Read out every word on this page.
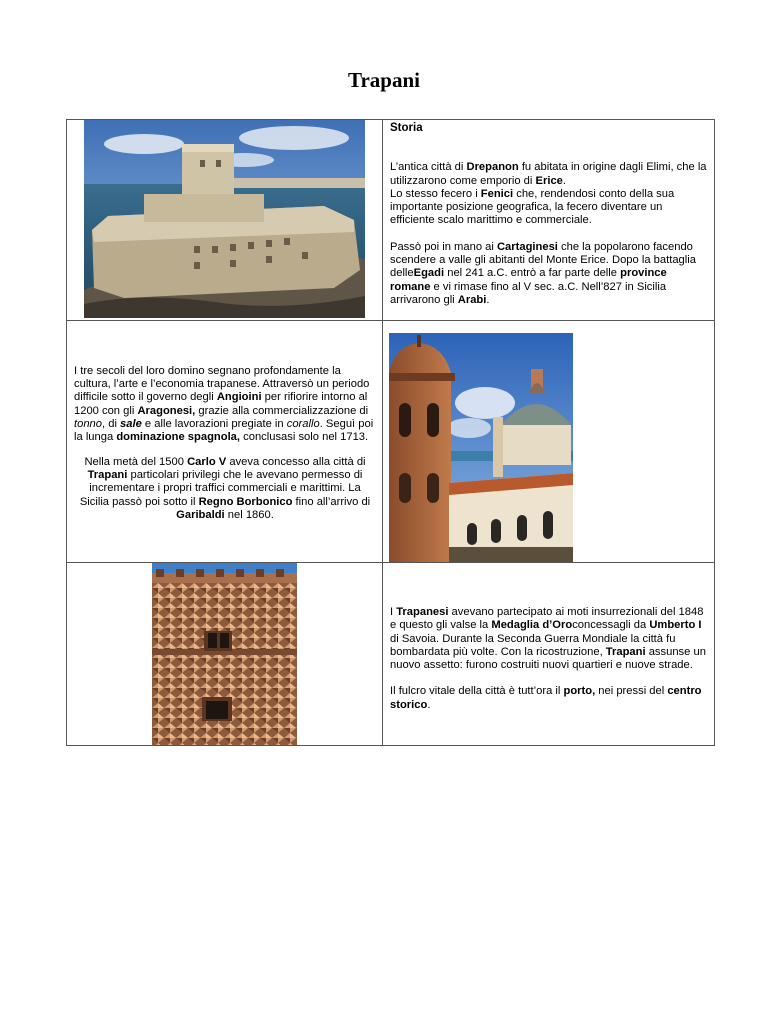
Trapani

Storia

L’antica città di Drepanon fu abitata in origine dagli Elimi, che la utilizzarono come emporio di Erice.

Lo stesso fecero i Fenici che, rendendosi conto della sua importante posizione geografica, la fecero diventare un efficiente scalo marittimo e commerciale.

Passò poi in mano ai Cartaginesi che la popolarono facendo scendere a valle gli abitanti del Monte Erice. Dopo la battaglia delleEgadi nel 241 a.C. entrò a far parte delle province romane e vi rimase fino al V sec. a.C. Nell’827 in Sicilia arrivarono gli Arabi.

I tre secoli del loro domino segnano profondamente la cultura, l’arte e l’economia trapanese. Attraversò un periodo difficile sotto il governo degli Angioini per rifiorire intorno al 1200 con gli Aragonesi, grazie alla commercializzazione di tonno, di sale e alle lavorazioni pregiate in corallo. Seguì poi la lunga dominazione spagnola, conclusasi solo nel 1713.

Nella metà del 1500 Carlo V aveva concesso alla città di Trapani particolari privilegi che le avevano permesso di incrementare i propri traffici commerciali e marittimi. La Sicilia passò poi sotto il Regno Borbonico fino all’arrivo di Garibaldi nel 1860.

I Trapanesi avevano partecipato ai moti insurrezionali del 1848 e questo gli valse la Medaglia d’Oroconcessagli da Umberto I di Savoia. Durante la Seconda Guerra Mondiale la città fu bombardata più volte. Con la ricostruzione, Trapani assunse un nuovo assetto: furono costruiti nuovi quartieri e nuove strade.

Il fulcro vitale della città è tutt’ora il porto, nei pressi del centro storico.
